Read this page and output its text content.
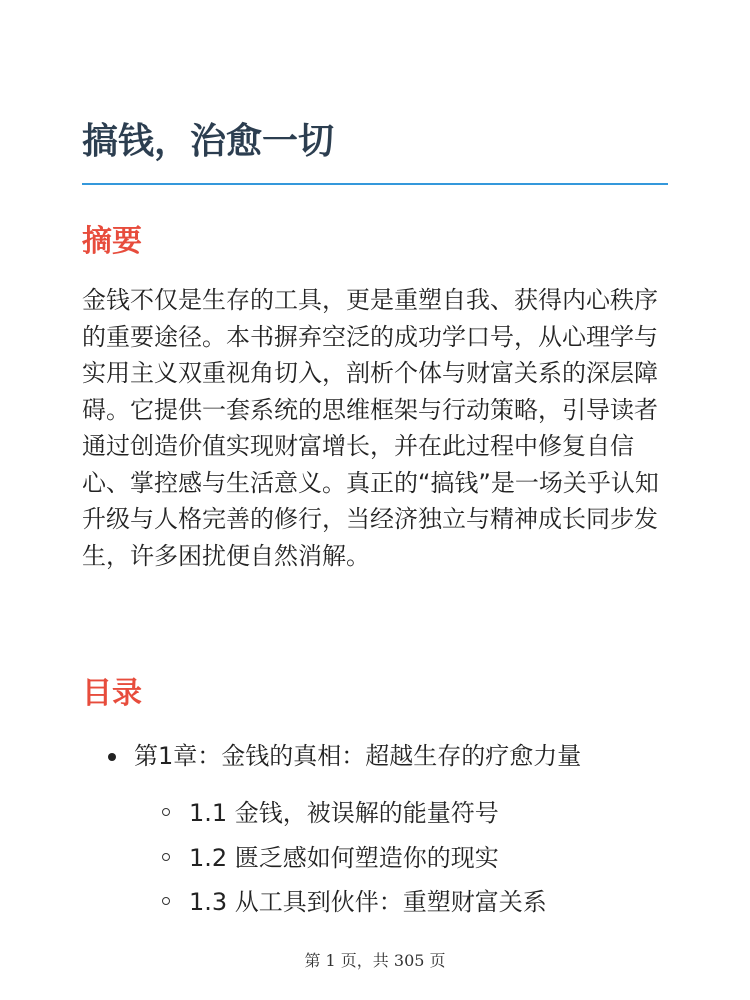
搞钱，治愈一切
摘要

金钱不仅是生存的工具，更是重塑自我、获得内心秩序的重要途径。本书摒弃空泛的成功学口号，从心理学与实用主义双重视角切入，剖析个体与财富关系的深层障碍。它提供一套系统的思维框架与行动策略，引导读者通过创造价值实现财富增长，并在此过程中修复自信心、掌控感与生活意义。真正的“搞钱”是一场关乎认知升级与人格完善的修行，当经济独立与精神成长同步发生，许多困扰便自然消解。

目录
第1章：金钱的真相：超越生存的疗愈力量
1.1 金钱，被误解的能量符号
1.2 匮乏感如何塑造你的现实
1.3 从工具到伙伴：重塑财富关系
第 1 页，共 305 页
